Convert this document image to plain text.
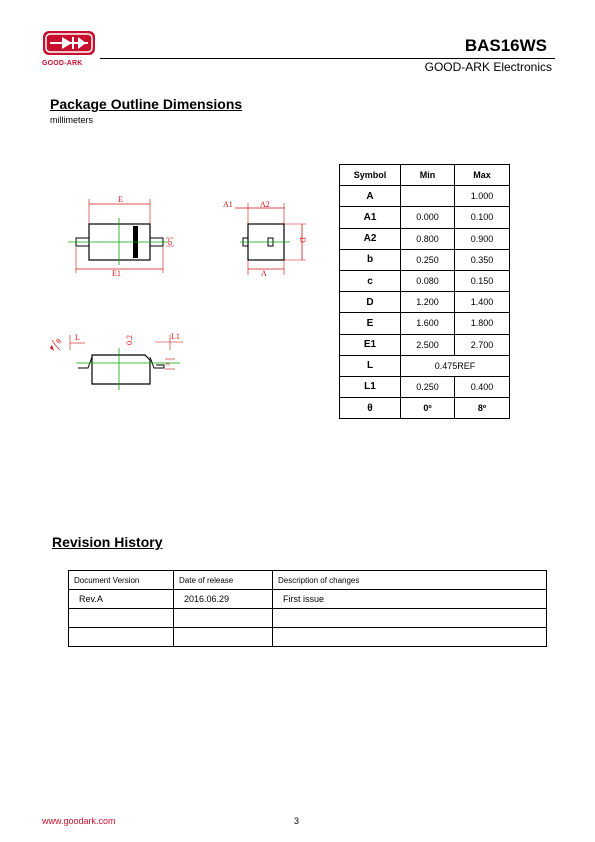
GOOD-ARK
BAS16WS
GOOD-ARK Electronics
Package Outline Dimensions
millimeters
E
E1
b
A1	A2
D
A
θ L	0.2	L1
c
Symbol	Min	Max
A		1.000
A1	0.000	0.100
A2	0.800	0.900
b	0.250	0.350
c	0.080	0.150
D	1.200	1.400
E	1.600	1.800
E1	2.500	2.700
L	0.475REF	
L1	0.250	0.400
θ	0º	8º
Revision History
Document Version	Date of release	Description of changes
Rev.A	2016.06.29	First issue

www.goodark.com	3
